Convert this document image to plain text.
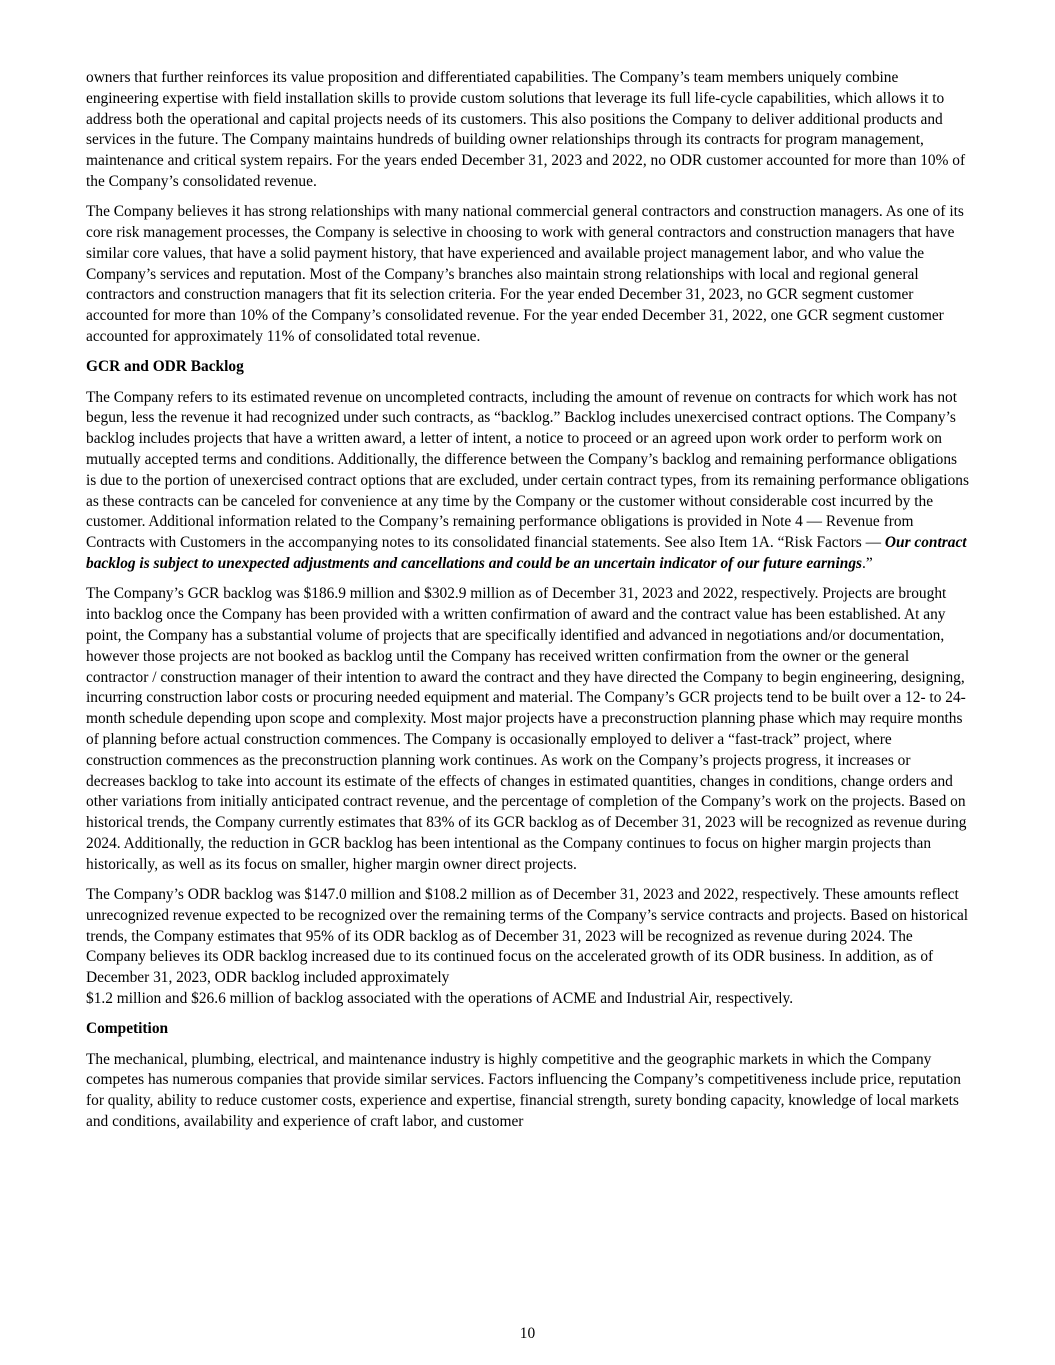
owners that further reinforces its value proposition and differentiated capabilities. The Company’s team members uniquely combine engineering expertise with field installation skills to provide custom solutions that leverage its full life-cycle capabilities, which allows it to address both the operational and capital projects needs of its customers. This also positions the Company to deliver additional products and services in the future. The Company maintains hundreds of building owner relationships through its contracts for program management, maintenance and critical system repairs. For the years ended December 31, 2023 and 2022, no ODR customer accounted for more than 10% of the Company’s consolidated revenue.

The Company believes it has strong relationships with many national commercial general contractors and construction managers. As one of its core risk management processes, the Company is selective in choosing to work with general contractors and construction managers that have similar core values, that have a solid payment history, that have experienced and available project management labor, and who value the Company’s services and reputation. Most of the Company’s branches also maintain strong relationships with local and regional general contractors and construction managers that fit its selection criteria. For the year ended December 31, 2023, no GCR segment customer accounted for more than 10% of the Company’s consolidated revenue. For the year ended December 31, 2022, one GCR segment customer accounted for approximately 11% of consolidated total revenue.

GCR and ODR Backlog

The Company refers to its estimated revenue on uncompleted contracts, including the amount of revenue on contracts for which work has not begun, less the revenue it had recognized under such contracts, as “backlog.” Backlog includes unexercised contract options. The Company’s backlog includes projects that have a written award, a letter of intent, a notice to proceed or an agreed upon work order to perform work on mutually accepted terms and conditions. Additionally, the difference between the Company’s backlog and remaining performance obligations is due to the portion of unexercised contract options that are excluded, under certain contract types, from its remaining performance obligations as these contracts can be canceled for convenience at any time by the Company or the customer without considerable cost incurred by the customer. Additional information related to the Company’s remaining performance obligations is provided in Note 4 — Revenue from Contracts with Customers in the accompanying notes to its consolidated financial statements. See also Item 1A. “Risk Factors — Our contract backlog is subject to unexpected adjustments and cancellations and could be an uncertain indicator of our future earnings.”

The Company’s GCR backlog was $186.9 million and $302.9 million as of December 31, 2023 and 2022, respectively. Projects are brought into backlog once the Company has been provided with a written confirmation of award and the contract value has been established. At any point, the Company has a substantial volume of projects that are specifically identified and advanced in negotiations and/or documentation, however those projects are not booked as backlog until the Company has received written confirmation from the owner or the general contractor / construction manager of their intention to award the contract and they have directed the Company to begin engineering, designing, incurring construction labor costs or procuring needed equipment and material. The Company’s GCR projects tend to be built over a 12- to 24-month schedule depending upon scope and complexity. Most major projects have a preconstruction planning phase which may require months of planning before actual construction commences. The Company is occasionally employed to deliver a “fast-track” project, where construction commences as the preconstruction planning work continues. As work on the Company’s projects progress, it increases or decreases backlog to take into account its estimate of the effects of changes in estimated quantities, changes in conditions, change orders and other variations from initially anticipated contract revenue, and the percentage of completion of the Company’s work on the projects. Based on historical trends, the Company currently estimates that 83% of its GCR backlog as of December 31, 2023 will be recognized as revenue during 2024. Additionally, the reduction in GCR backlog has been intentional as the Company continues to focus on higher margin projects than historically, as well as its focus on smaller, higher margin owner direct projects.

The Company’s ODR backlog was $147.0 million and $108.2 million as of December 31, 2023 and 2022, respectively. These amounts reflect unrecognized revenue expected to be recognized over the remaining terms of the Company’s service contracts and projects. Based on historical trends, the Company estimates that 95% of its ODR backlog as of December 31, 2023 will be recognized as revenue during 2024. The Company believes its ODR backlog increased due to its continued focus on the accelerated growth of its ODR business. In addition, as of December 31, 2023, ODR backlog included approximately
$1.2 million and $26.6 million of backlog associated with the operations of ACME and Industrial Air, respectively.

Competition

The mechanical, plumbing, electrical, and maintenance industry is highly competitive and the geographic markets in which the Company competes has numerous companies that provide similar services. Factors influencing the Company’s competitiveness include price, reputation for quality, ability to reduce customer costs, experience and expertise, financial strength, surety bonding capacity, knowledge of local markets and conditions, availability and experience of craft labor, and customer

10
